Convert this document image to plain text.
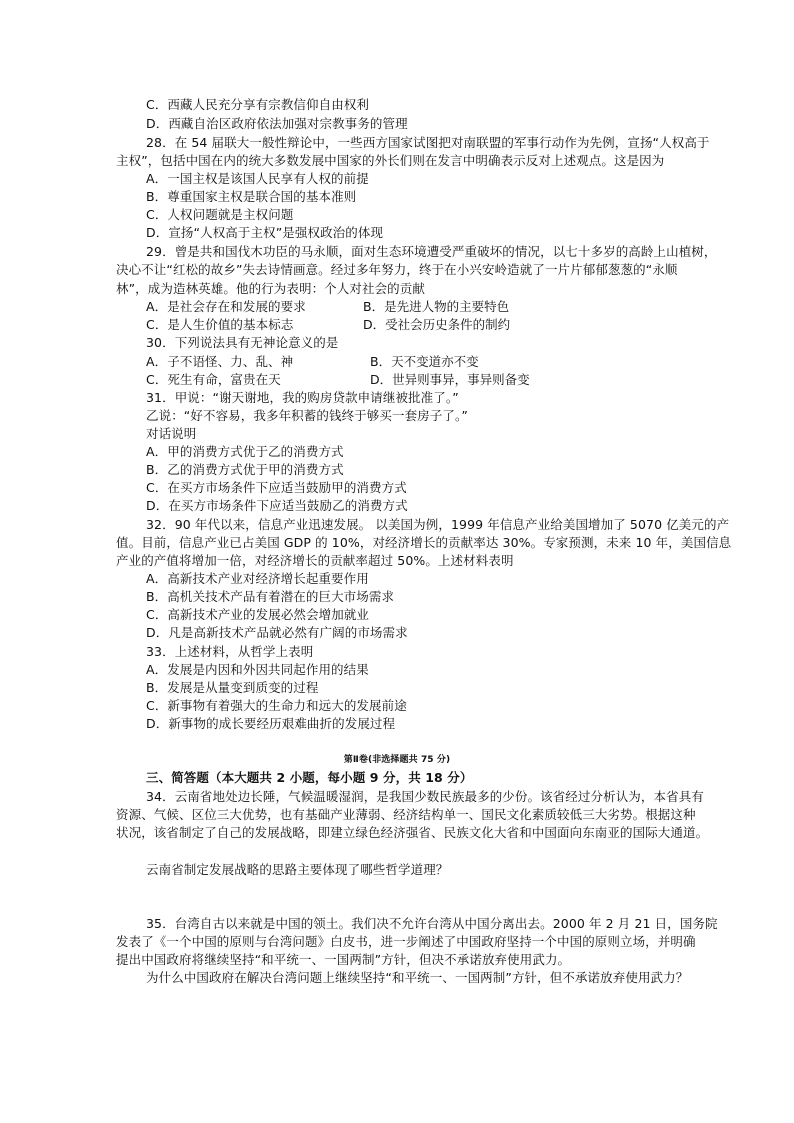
C．西藏人民充分享有宗教信仰自由权利
D．西藏自治区政府依法加强对宗教事务的管理
28．在 54 届联大一般性辩论中，一些西方国家试图把对南联盟的军事行动作为先例，宣扬“人权高于
主权”，包括中国在内的统大多数发展中国家的外长们则在发言中明确表示反对上述观点。这是因为
A．一国主权是该国人民享有人权的前提
B．尊重国家主权是联合国的基本准则
C．人权问题就是主权问题
D．宣扬“人权高于主权”是强权政治的体现
29．曾是共和国伐木功臣的马永顺，面对生态环境遭受严重破坏的情况，以七十多岁的高龄上山植树，
决心不让“红松的故乡”失去诗情画意。经过多年努力，终于在小兴安岭造就了一片片郁郁葱葱的“永顺
林”，成为造林英雄。他的行为表明：个人对社会的贡献
A．是社会存在和发展的要求	B．是先进人物的主要特色
C．是人生价值的基本标志	D．受社会历史条件的制约
30．下列说法具有无神论意义的是
A．子不语怪、力、乱、神	B．天不变道亦不变
C．死生有命，富贵在天	D．世异则事异，事异则备变
31．甲说：“谢天谢地，我的购房贷款申请继被批准了。”
乙说：“好不容易，我多年积蓄的钱终于够买一套房子了。”
对话说明
A．甲的消费方式优于乙的消费方式
B．乙的消费方式优于甲的消费方式
C．在买方市场条件下应适当鼓励甲的消费方式
D．在买方市场条件下应适当鼓励乙的消费方式
32．90 年代以来，信息产业迅速发展。 以美国为例，1999 年信息产业给美国增加了 5070 亿美元的产
值。目前，信息产业已占美国 GDP 的 10%，对经济增长的贡献率达 30%。专家预测，未来 10 年，美国信息
产业的产值将增加一倍，对经济增长的贡献率超过 50%。上述材料表明
A．高新技术产业对经济增长起重要作用
B．高机关技术产品有着潜在的巨大市场需求
C．高新技术产业的发展必然会增加就业
D．凡是高新技术产品就必然有广阔的市场需求
33．上述材料，从哲学上表明
A．发展是内因和外因共同起作用的结果
B．发展是从量变到质变的过程
C．新事物有着强大的生命力和远大的发展前途
D．新事物的成长要经历艰难曲折的发展过程
第Ⅱ卷(非选择题共 75 分)
三、简答题（本大题共 2 小题，每小题 9 分，共 18 分）
34．云南省地处边长陲，气候温暖湿润，是我国少数民族最多的少份。该省经过分析认为，本省具有
资源、气候、区位三大优势，也有基础产业薄弱、经济结构单一、国民文化素质较低三大劣势。根据这种
状况，该省制定了自己的发展战略，即建立绿色经济强省、民族文化大省和中国面向东南亚的国际大通道。
云南省制定发展战略的思路主要体现了哪些哲学道理？
35．台湾自古以来就是中国的领土。我们决不允许台湾从中国分离出去。2000 年 2 月 21 日，国务院
发表了《一个中国的原则与台湾问题》白皮书，进一步阐述了中国政府坚持一个中国的原则立场，并明确
提出中国政府将继续坚持“和平统一、一国两制”方针，但决不承诺放弃使用武力。
为什么中国政府在解决台湾问题上继续坚持“和平统一、一国两制”方针，但不承诺放弃使用武力？
